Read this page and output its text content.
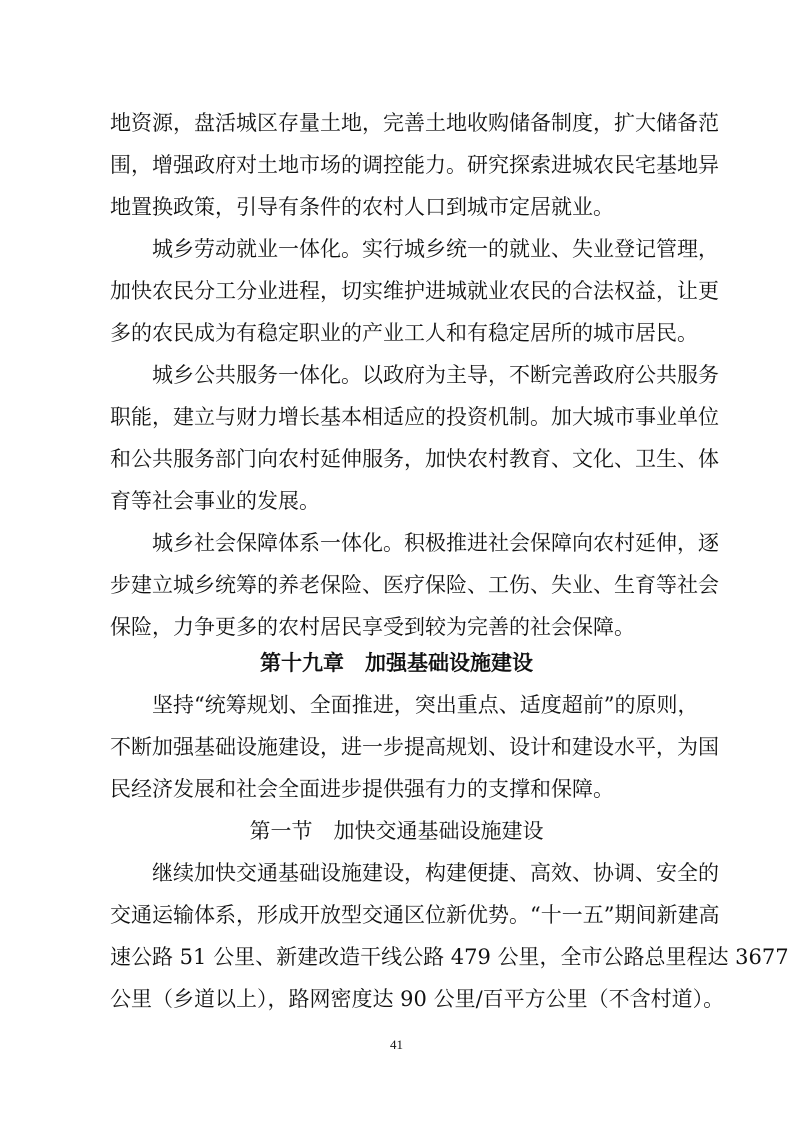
地资源，盘活城区存量土地，完善土地收购储备制度，扩大储备范
围，增强政府对土地市场的调控能力。研究探索进城农民宅基地异
地置换政策，引导有条件的农村人口到城市定居就业。
城乡劳动就业一体化。实行城乡统一的就业、失业登记管理，
加快农民分工分业进程，切实维护进城就业农民的合法权益，让更
多的农民成为有稳定职业的产业工人和有稳定居所的城市居民。
城乡公共服务一体化。以政府为主导，不断完善政府公共服务
职能，建立与财力增长基本相适应的投资机制。加大城市事业单位
和公共服务部门向农村延伸服务，加快农村教育、文化、卫生、体
育等社会事业的发展。
城乡社会保障体系一体化。积极推进社会保障向农村延伸，逐
步建立城乡统筹的养老保险、医疗保险、工伤、失业、生育等社会
保险，力争更多的农村居民享受到较为完善的社会保障。
第十九章　加强基础设施建设
坚持“统筹规划、全面推进，突出重点、适度超前”的原则，
不断加强基础设施建设，进一步提高规划、设计和建设水平，为国
民经济发展和社会全面进步提供强有力的支撑和保障。
第一节　加快交通基础设施建设
继续加快交通基础设施建设，构建便捷、高效、协调、安全的
交通运输体系，形成开放型交通区位新优势。“十一五”期间新建高
速公路 51 公里、新建改造干线公路 479 公里，全市公路总里程达 3677
公里（乡道以上），路网密度达 90 公里/百平方公里（不含村道）。
41
